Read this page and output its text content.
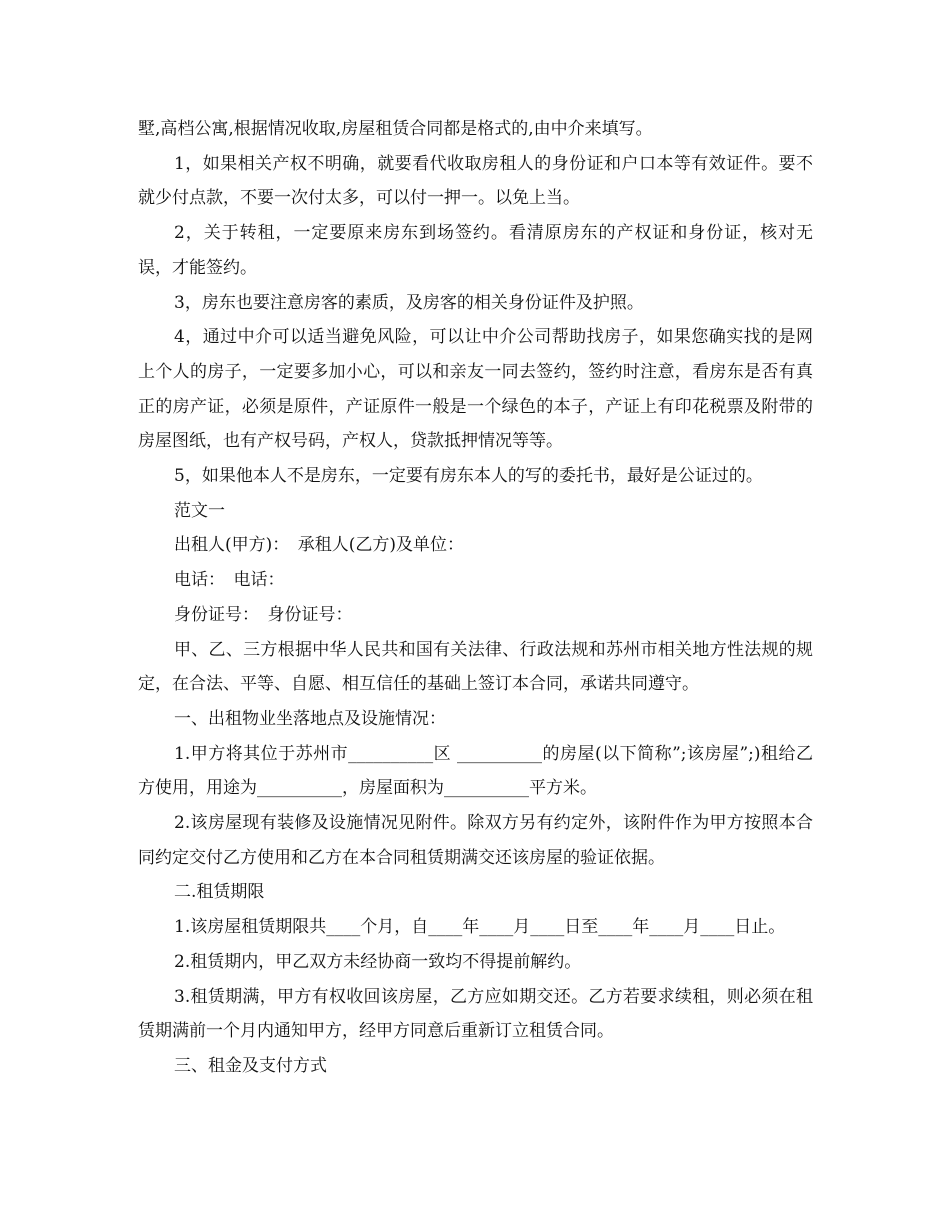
墅,高档公寓,根据情况收取,房屋租赁合同都是格式的,由中介来填写。

1，如果相关产权不明确，就要看代收取房租人的身份证和户口本等有效证件。要不就少付点款，不要一次付太多，可以付一押一。以免上当。

2，关于转租，一定要原来房东到场签约。看清原房东的产权证和身份证，核对无误，才能签约。

3，房东也要注意房客的素质，及房客的相关身份证件及护照。

4，通过中介可以适当避免风险，可以让中介公司帮助找房子，如果您确实找的是网上个人的房子，一定要多加小心，可以和亲友一同去签约，签约时注意，看房东是否有真正的房产证，必须是原件，产证原件一般是一个绿色的本子，产证上有印花税票及附带的房屋图纸，也有产权号码，产权人，贷款抵押情况等等。

5，如果他本人不是房东，一定要有房东本人的写的委托书，最好是公证过的。

范文一

出租人(甲方)：　承租人(乙方)及单位：

电话：　电话：

身份证号：　身份证号：

甲、乙、三方根据中华人民共和国有关法律、行政法规和苏州市相关地方性法规的规定，在合法、平等、自愿、相互信任的基础上签订本合同，承诺共同遵守。

一、出租物业坐落地点及设施情况：

1.甲方将其位于苏州市__________区 __________的房屋(以下简称”;该房屋”;)租给乙方使用，用途为__________，房屋面积为__________平方米。

2.该房屋现有装修及设施情况见附件。除双方另有约定外，该附件作为甲方按照本合同约定交付乙方使用和乙方在本合同租赁期满交还该房屋的验证依据。

二.租赁期限

1.该房屋租赁期限共____个月，自____年____月____日至____年____月____日止。

2.租赁期内，甲乙双方未经协商一致均不得提前解约。

3.租赁期满，甲方有权收回该房屋，乙方应如期交还。乙方若要求续租，则必须在租赁期满前一个月内通知甲方，经甲方同意后重新订立租赁合同。

三、租金及支付方式
